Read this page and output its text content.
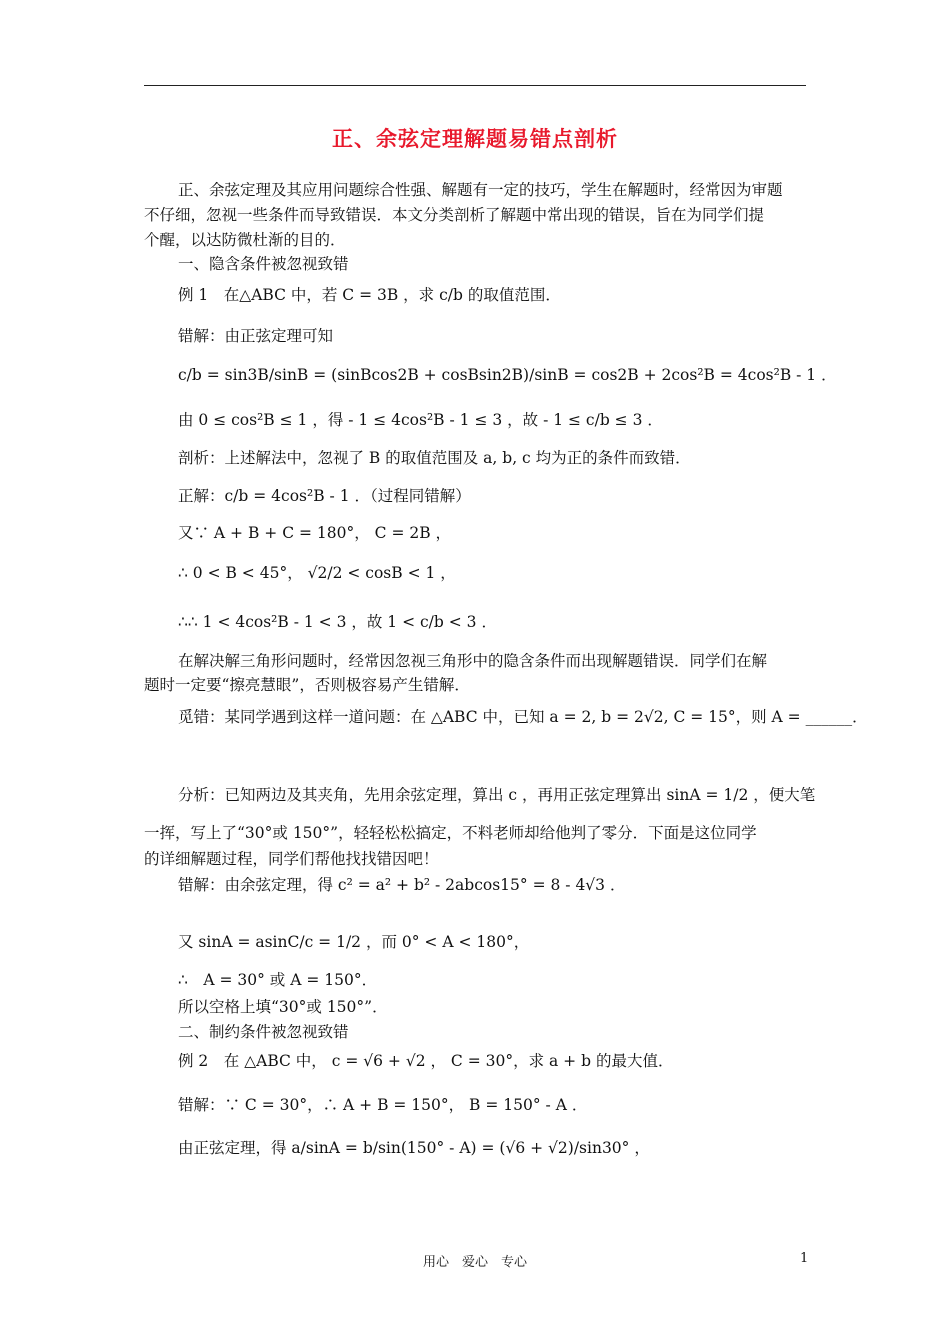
正、余弦定理解题易错点剖析
正、余弦定理及其应用问题综合性强、解题有一定的技巧，学生在解题时，经常因为审题
不仔细，忽视一些条件而导致错误．本文分类剖析了解题中常出现的错误，旨在为同学们提
个醒，以达防微杜渐的目的．
一、隐含条件被忽视致错
例 1　在△ABC 中，若 C = 3B ，求 c/b 的取值范围．
错解：由正弦定理可知
c/b = sin3B/sinB = (sinBcos2B + cosBsin2B)/sinB = cos2B + 2cos²B = 4cos²B - 1 ．
由 0 ≤ cos²B ≤ 1 ，得 - 1 ≤ 4cos²B - 1 ≤ 3 ，故 - 1 ≤ c/b ≤ 3 ．
剖析：上述解法中，忽视了 B 的取值范围及 a, b, c 均为正的条件而致错．
正解：c/b = 4cos²B - 1 ．（过程同错解）
又∵ A + B + C = 180°， C = 2B ，
∴ 0 < B < 45°， √2/2 < cosB < 1 ，
∴∴ 1 < 4cos²B - 1 < 3 ，故 1 < c/b < 3 ．
在解决解三角形问题时，经常因忽视三角形中的隐含条件而出现解题错误．同学们在解
题时一定要“擦亮慧眼”，否则极容易产生错解．
觅错：某同学遇到这样一道问题：在 △ABC 中，已知 a = 2, b = 2√2, C = 15°，则 A = ______．
分析：已知两边及其夹角，先用余弦定理，算出 c ，再用正弦定理算出 sinA = 1/2 ，便大笔
一挥，写上了“30°或 150°”，轻轻松松搞定，不料老师却给他判了零分．下面是这位同学
的详细解题过程，同学们帮他找找错因吧！
错解：由余弦定理，得 c² = a² + b² - 2abcos15° = 8 - 4√3 ．
又 sinA = asinC/c = 1/2 ，而 0° < A < 180°，
∴　A = 30° 或 A = 150°．
所以空格上填“30°或 150°”．
二、制约条件被忽视致错
例 2　在 △ABC 中， c = √6 + √2 ， C = 30°，求 a + b 的最大值．
错解：∵ C = 30°，∴ A + B = 150°， B = 150° - A ．
由正弦定理，得 a/sinA = b/sin(150° - A) = (√6 + √2)/sin30° ，
用心　爱心　专心	1
